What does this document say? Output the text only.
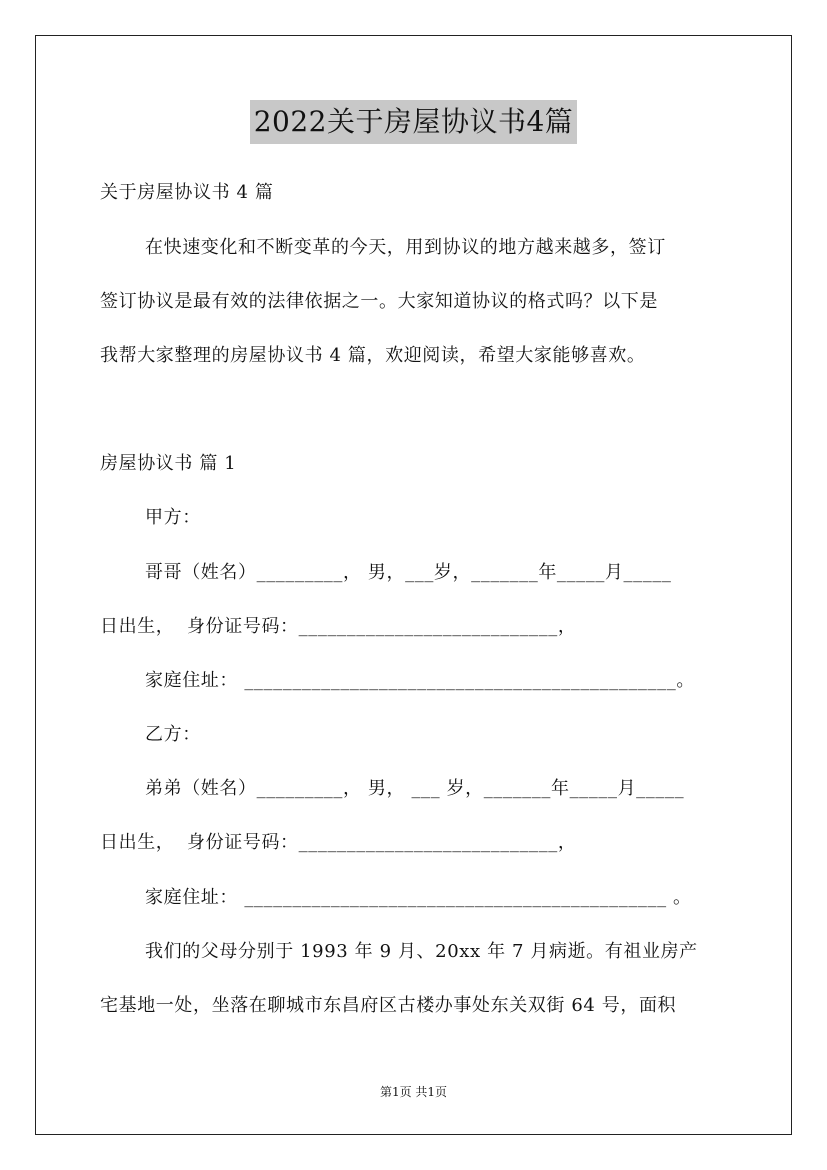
2022关于房屋协议书4篇
关于房屋协议书 4 篇
在快速变化和不断变革的今天，用到协议的地方越来越多，签订
签订协议是最有效的法律依据之一。大家知道协议的格式吗？以下是
我帮大家整理的房屋协议书 4 篇，欢迎阅读，希望大家能够喜欢。
房屋协议书 篇 1
甲方：
哥哥（姓名）_________， 男，___岁，_______年_____月_____
日出生，  身份证号码：___________________________，
家庭住址： _____________________________________________。
乙方：
弟弟（姓名）_________， 男， ___ 岁，_______年_____月_____
日出生，  身份证号码：___________________________，
家庭住址： ____________________________________________ 。
我们的父母分别于 1993 年 9 月、20xx 年 7 月病逝。有祖业房产
宅基地一处，坐落在聊城市东昌府区古楼办事处东关双街 64 号，面积
第1页 共1页
